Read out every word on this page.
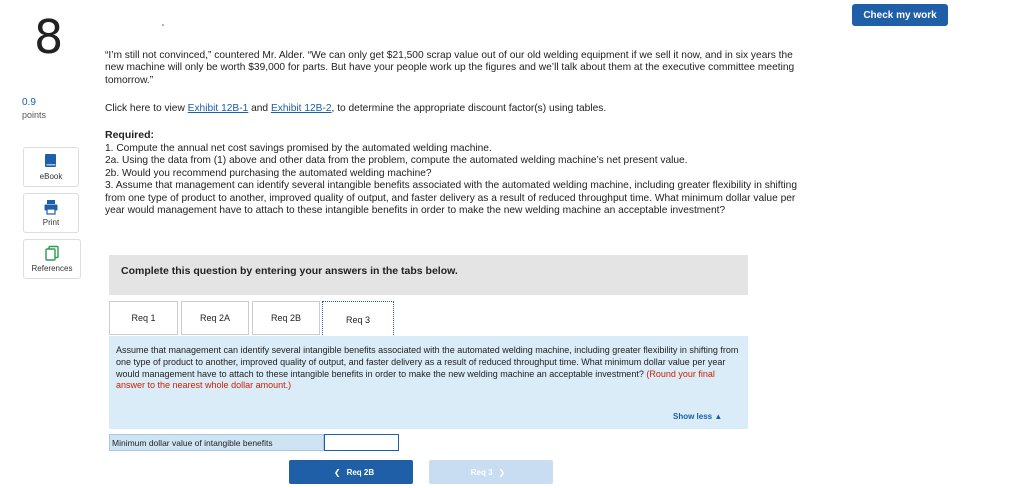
8
0.9
points
eBook
Print
References
Check my work

“I’m still not convinced,” countered Mr. Alder. “We can only get $21,500 scrap value out of our old welding equipment if we sell it now, and in six years the new machine will only be worth $39,000 for parts. But have your people work up the figures and we’ll talk about them at the executive committee meeting tomorrow.”

Click here to view Exhibit 12B-1 and Exhibit 12B-2, to determine the appropriate discount factor(s) using tables.

Required:
1. Compute the annual net cost savings promised by the automated welding machine.
2a. Using the data from (1) above and other data from the problem, compute the automated welding machine’s net present value.
2b. Would you recommend purchasing the automated welding machine?
3. Assume that management can identify several intangible benefits associated with the automated welding machine, including greater flexibility in shifting from one type of product to another, improved quality of output, and faster delivery as a result of reduced throughput time. What minimum dollar value per year would management have to attach to these intangible benefits in order to make the new welding machine an acceptable investment?
Complete this question by entering your answers in the tabs below.
Req 1	Req 2A	Req 2B	Req 3

Assume that management can identify several intangible benefits associated with the automated welding machine, including greater flexibility in shifting from one type of product to another, improved quality of output, and faster delivery as a result of reduced throughput time. What minimum dollar value per year would management have to attach to these intangible benefits in order to make the new welding machine an acceptable investment? (Round your final answer to the nearest whole dollar amount.)

Show less ▲
Minimum dollar value of intangible benefits
❮ Req 2B	Req 3 ❯
